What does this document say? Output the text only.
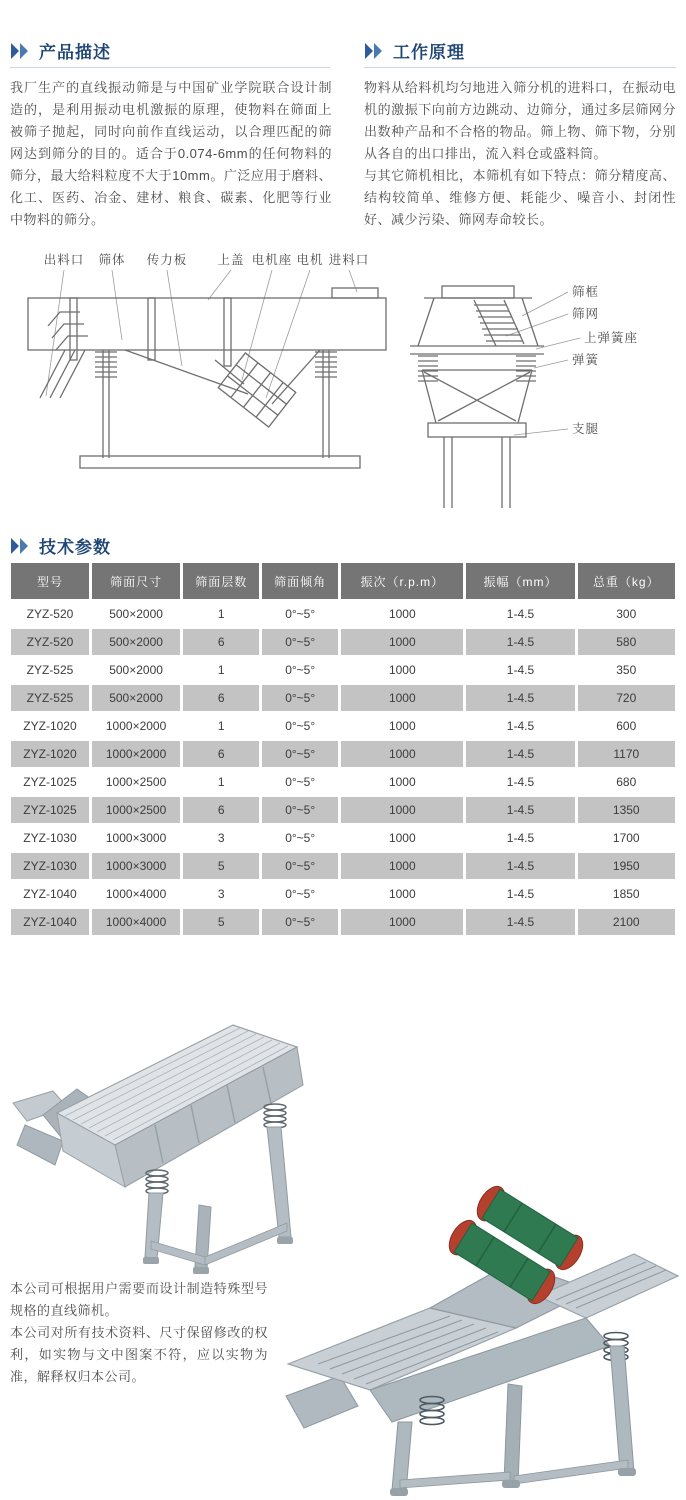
产品描述

我厂生产的直线振动筛是与中国矿业学院联合设计制造的，是利用振动电机激振的原理，使物料在筛面上被筛子抛起，同时向前作直线运动，以合理匹配的筛网达到筛分的目的。适合于0.074-6mm的任何物料的筛分，最大给料粒度不大于10mm。广泛应用于磨料、化工、医药、冶金、建材、粮食、碳素、化肥等行业中物料的筛分。

工作原理

物料从给料机均匀地进入筛分机的进料口，在振动电机的激振下向前方边跳动、边筛分，通过多层筛网分出数种产品和不合格的物品。筛上物、筛下物，分别从各自的出口排出，流入料仓或盛料筒。

与其它筛机相比，本筛机有如下特点：筛分精度高、结构较简单、维修方便、耗能少、噪音小、封闭性好、减少污染、筛网寿命较长。

出料口 筛体 传力板 上盖 电机座 电机 进料口
筛框
筛网
上弹簧座
弹簧
支腿
技术参数
型号	筛面尺寸	筛面层数	筛面倾角	振次（r.p.m）	振幅（mm）	总重（kg）
ZYZ-520	500×2000	1	0°~5°	1000	1-4.5	300
ZYZ-520	500×2000	6	0°~5°	1000	1-4.5	580
ZYZ-525	500×2000	1	0°~5°	1000	1-4.5	350
ZYZ-525	500×2000	6	0°~5°	1000	1-4.5	720
ZYZ-1020	1000×2000	1	0°~5°	1000	1-4.5	600
ZYZ-1020	1000×2000	6	0°~5°	1000	1-4.5	1170
ZYZ-1025	1000×2500	1	0°~5°	1000	1-4.5	680
ZYZ-1025	1000×2500	6	0°~5°	1000	1-4.5	1350
ZYZ-1030	1000×3000	3	0°~5°	1000	1-4.5	1700
ZYZ-1030	1000×3000	5	0°~5°	1000	1-4.5	1950
ZYZ-1040	1000×4000	3	0°~5°	1000	1-4.5	1850
ZYZ-1040	1000×4000	5	0°~5°	1000	1-4.5	2100

本公司可根据用户需要而设计制造特殊型号规格的直线筛机。

本公司对所有技术资料、尺寸保留修改的权利，如实物与文中图案不符，应以实物为准，解释权归本公司。
